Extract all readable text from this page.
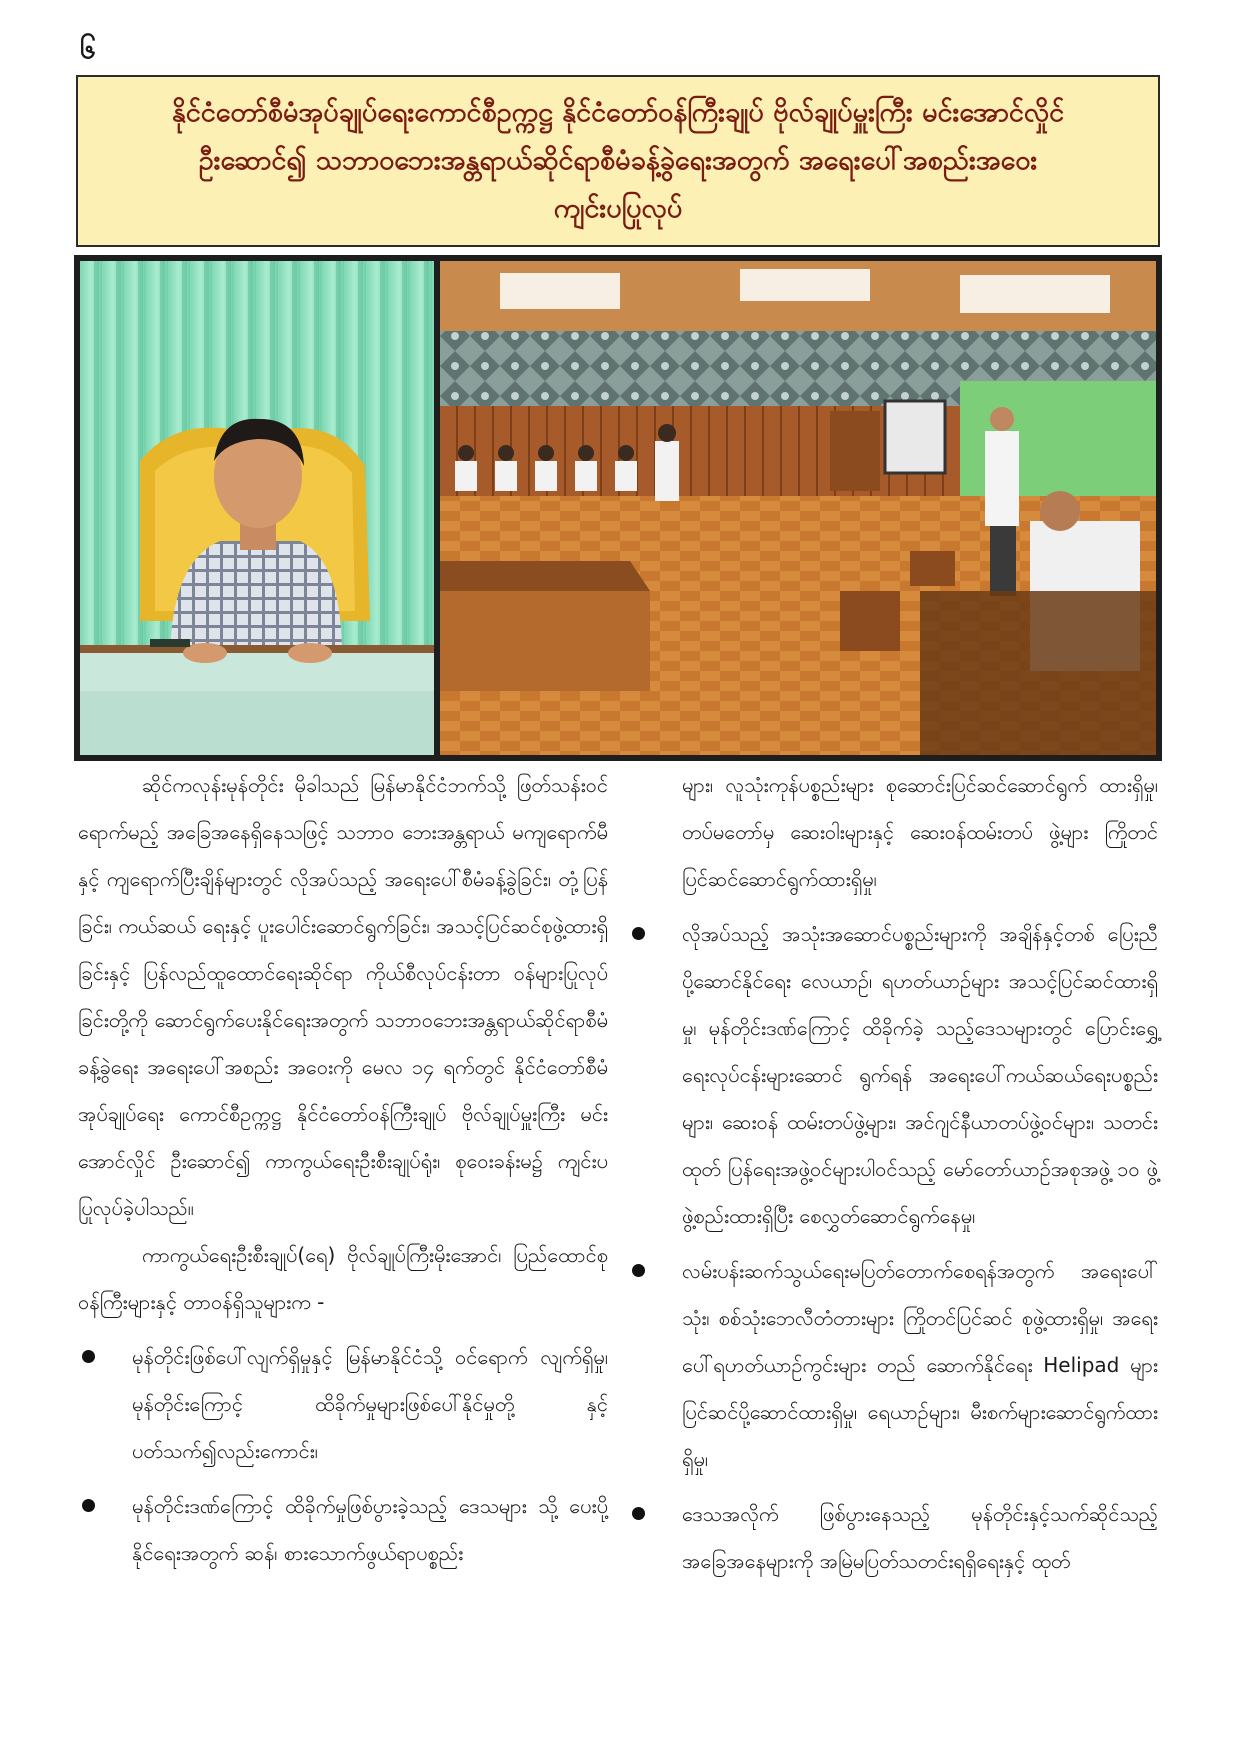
၆
နိုင်ငံတော်စီမံအုပ်ချုပ်ရေးကောင်စီဥက္ကဋ္ဌ နိုင်ငံတော်ဝန်ကြီးချုပ် ဗိုလ်ချုပ်မှူးကြီး မင်းအောင်လှိုင်
ဦးဆောင်၍ သဘာဝဘေးအန္တရာယ်ဆိုင်ရာစီမံခန့်ခွဲရေးအတွက် အရေးပေါ်အစည်းအဝေး
ကျင်းပပြုလုပ်

ဆိုင်ကလုန်းမုန်တိုင်း မိုခါသည် မြန်မာနိုင်ငံဘက်သို့ ဖြတ်သန်းဝင်ရောက်မည့် အခြေအနေရှိနေသဖြင့် သဘာဝ ဘေးအန္တရာယ် မကျရောက်မီနှင့် ကျရောက်ပြီးချိန်များတွင် လိုအပ်သည့် အရေးပေါ်စီမံခန့်ခွဲခြင်း၊ တုံ့ပြန်ခြင်း၊ ကယ်ဆယ် ရေးနှင့် ပူးပေါင်းဆောင်ရွက်ခြင်း၊ အသင့်ပြင်ဆင်စုဖွဲ့ထားရှိ ခြင်းနှင့် ပြန်လည်ထူထောင်ရေးဆိုင်ရာ ကိုယ်စီလုပ်ငန်းတာ ဝန်များပြုလုပ်ခြင်းတို့ကို ဆောင်ရွက်ပေးနိုင်ရေးအတွက် သဘာဝဘေးအန္တရာယ်ဆိုင်ရာစီမံခန့်ခွဲရေး အရေးပေါ်အစည်း အဝေးကို မေလ ၁၄ ရက်တွင် နိုင်ငံတော်စီမံအုပ်ချုပ်ရေး ကောင်စီဥက္ကဋ္ဌ နိုင်ငံတော်ဝန်ကြီးချုပ် ဗိုလ်ချုပ်မှူးကြီး မင်း အောင်လှိုင် ဦးဆောင်၍ ကာကွယ်ရေးဦးစီးချုပ်ရုံး၊ စုဝေးခန်းမ၌ ကျင်းပပြုလုပ်ခဲ့ပါသည်။

ကာကွယ်ရေးဦးစီးချုပ်(ရေ) ဗိုလ်ချုပ်ကြီးမိုးအောင်၊ ပြည်ထောင်စုဝန်ကြီးများနှင့် တာဝန်ရှိသူများက -

မုန်တိုင်းဖြစ်ပေါ်လျက်ရှိမှုနှင့် မြန်မာနိုင်ငံသို့ ဝင်ရောက် လျက်ရှိမှု၊ မုန်တိုင်းကြောင့် ထိခိုက်မှုများဖြစ်ပေါ်နိုင်မှုတို့ နှင့်ပတ်သက်၍လည်းကောင်း၊
မုန်တိုင်းဒဏ်ကြောင့် ထိခိုက်မှုဖြစ်ပွားခဲ့သည့် ဒေသများ သို့ ပေးပို့နိုင်ရေးအတွက် ဆန်၊ စားသောက်ဖွယ်ရာပစ္စည်း
များ၊ လူသုံးကုန်ပစ္စည်းများ စုဆောင်းပြင်ဆင်ဆောင်ရွက် ထားရှိမှု၊ တပ်မတော်မှ ဆေးဝါးများနှင့် ဆေးဝန်ထမ်းတပ် ဖွဲ့များ ကြိုတင်ပြင်ဆင်ဆောင်ရွက်ထားရှိမှု၊
လိုအပ်သည့် အသုံးအဆောင်ပစ္စည်းများကို အချိန်နှင့်တစ် ပြေးညီ ပို့ဆောင်နိုင်ရေး လေယာဉ်၊ ရဟတ်ယာဉ်များ အသင့်ပြင်ဆင်ထားရှိမှု၊ မုန်တိုင်းဒဏ်ကြောင့် ထိခိုက်ခဲ့ သည့်ဒေသများတွင် ပြောင်းရွှေ့ရေးလုပ်ငန်းများဆောင် ရွက်ရန် အရေးပေါ်ကယ်ဆယ်ရေးပစ္စည်းများ၊ ဆေးဝန် ထမ်းတပ်ဖွဲ့များ၊ အင်ဂျင်နီယာတပ်ဖွဲ့ဝင်များ၊ သတင်းထုတ် ပြန်ရေးအဖွဲ့ဝင်များပါဝင်သည့် မော်တော်ယာဉ်အစုအဖွဲ့ ၁၀ ဖွဲ့ ဖွဲ့စည်းထားရှိပြီး စေလွှတ်ဆောင်ရွက်နေမှု၊
လမ်းပန်းဆက်သွယ်ရေးမပြတ်တောက်စေရန်အတွက် အရေးပေါ်သုံး၊ စစ်သုံးဘေလီတံတားများ ကြိုတင်ပြင်ဆင် စုဖွဲ့ထားရှိမှု၊ အရေးပေါ်ရဟတ်ယာဉ်ကွင်းများ တည် ဆောက်နိုင်ရေး Helipad များ ပြင်ဆင်ပို့ဆောင်ထားရှိမှု၊ ရေယာဉ်များ၊ မီးစက်များဆောင်ရွက်ထားရှိမှု၊
ဒေသအလိုက် ဖြစ်ပွားနေသည့် မုန်တိုင်းနှင့်သက်ဆိုင်သည့် အခြေအနေများကို အမြဲမပြတ်သတင်းရရှိရေးနှင့် ထုတ်
